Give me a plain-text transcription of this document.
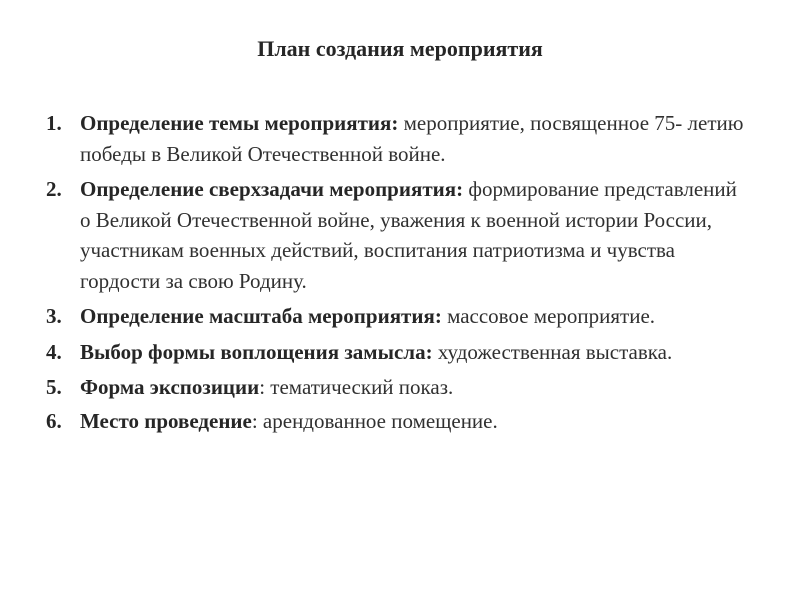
План создания мероприятия
1. Определение темы мероприятия: мероприятие, посвященное 75- летию победы в Великой Отечественной войне.
2. Определение сверхзадачи мероприятия: формирование представлений о Великой Отечественной войне, уважения к военной истории России, участникам военных действий, воспитания патриотизма и чувства гордости за свою Родину.
3. Определение масштаба мероприятия: массовое мероприятие.
4. Выбор формы воплощения замысла: художественная выставка.
5. Форма экспозиции: тематический показ.
6. Место проведение: арендованное помещение.
